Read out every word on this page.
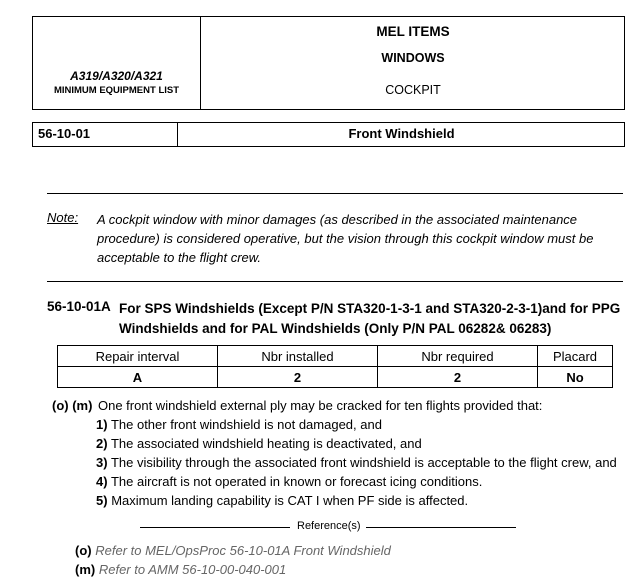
A319/A320/A321
MINIMUM EQUIPMENT LIST
MEL ITEMS
WINDOWS
COCKPIT
56-10-01	Front Windshield
Note: A cockpit window with minor damages (as described in the associated maintenance
procedure) is considered operative, but the vision through this cockpit window must be
acceptable to the flight crew.
56-10-01A For SPS Windshields (Except P/N STA320-1-3-1 and STA320-2-3-1)and for PPG
Windshields and for PAL Windshields (Only P/N PAL 06282& 06283)
Repair interval	Nbr installed	Nbr required	Placard
A	2	2	No
(o) (m) One front windshield external ply may be cracked for ten flights provided that:
1) The other front windshield is not damaged, and
2) The associated windshield heating is deactivated, and
3) The visibility through the associated front windshield is acceptable to the flight crew, and
4) The aircraft is not operated in known or forecast icing conditions.
5) Maximum landing capability is CAT I when PF side is affected.
Reference(s)
(o) Refer to MEL/OpsProc 56-10-01A Front Windshield
(m) Refer to AMM 56-10-00-040-001
